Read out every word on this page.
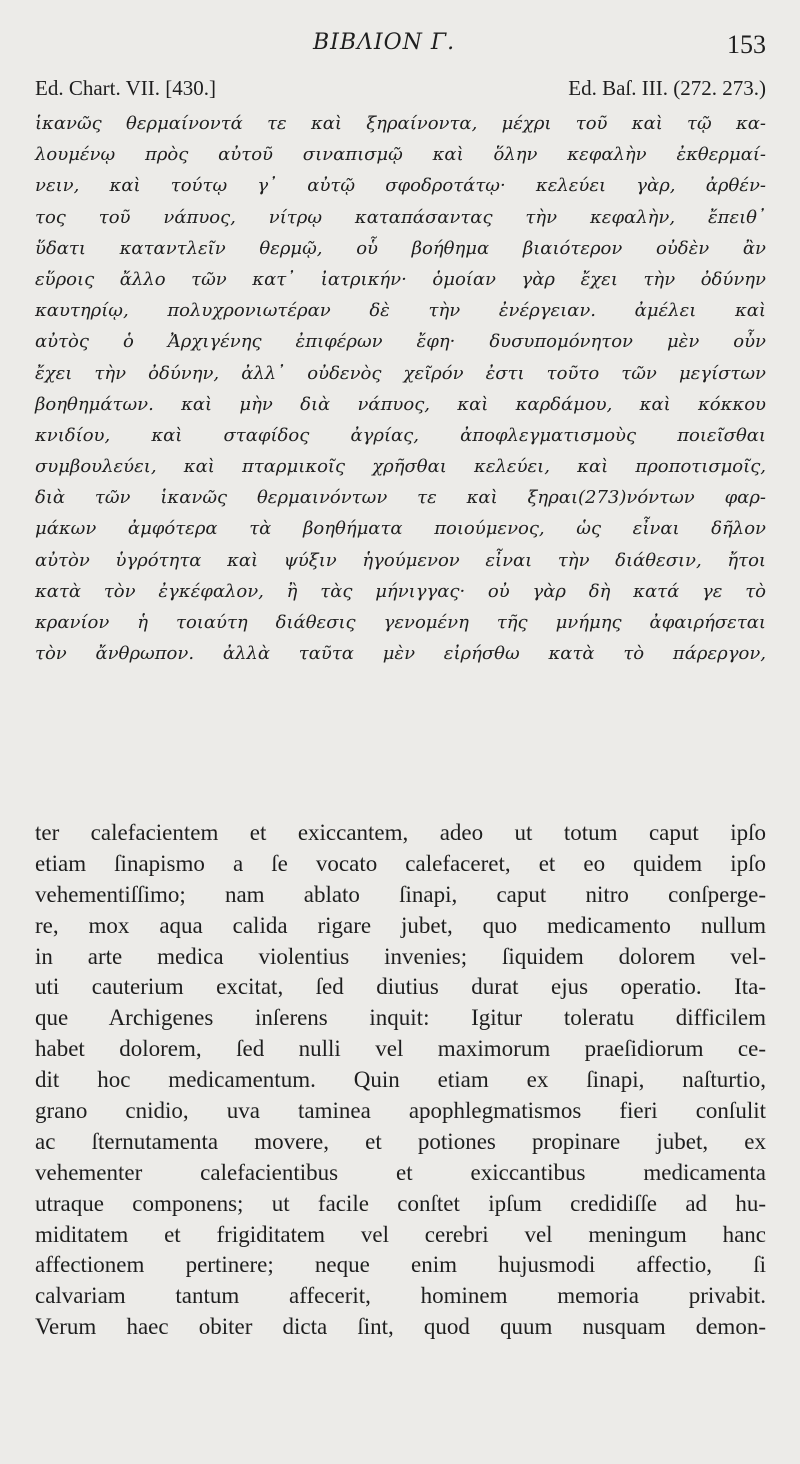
ΒΙΒΛΙΟΝ Γ.	153
Ed. Chart. VII. [430.]	Ed. Baſ. III. (272. 273.)
ἱκανῶς θερμαίνοντά τε καὶ ξηραίνοντα, μέχρι τοῦ καὶ τῷ κα-
λουμένῳ πρὸς αὐτοῦ σιναπισμῷ καὶ ὅλην κεφαλὴν ἐκθερμαί-
νειν, καὶ τούτῳ γ᾽ αὐτῷ σφοδροτάτῳ· κελεύει γὰρ, ἀρθέν-
τος τοῦ νάπυος, νίτρῳ καταπάσαντας τὴν κεφαλὴν, ἔπειθ᾽
ὕδατι καταντλεῖν θερμῷ, οὗ βοήθημα βιαιότερον οὐδὲν ἂν
εὕροις ἄλλο τῶν κατ᾽ ἰατρικήν· ὁμοίαν γὰρ ἔχει τὴν ὀδύνην
καυτηρίῳ, πολυχρονιωτέραν δὲ τὴν ἐνέργειαν. ἀμέλει καὶ
αὐτὸς ὁ Ἀρχιγένης ἐπιφέρων ἔφη· δυσυπομόνητον μὲν οὖν
ἔχει τὴν ὀδύνην, ἀλλ᾽ οὐδενὸς χεῖρόν ἐστι τοῦτο τῶν μεγίστων
βοηθημάτων. καὶ μὴν διὰ νάπυος, καὶ καρδάμου, καὶ κόκκου
κνιδίου, καὶ σταφίδος ἀγρίας, ἀποφλεγματισμοὺς ποιεῖσθαι
συμβουλεύει, καὶ πταρμικοῖς χρῆσθαι κελεύει, καὶ προποτισμοῖς,
διὰ τῶν ἱκανῶς θερμαινόντων τε καὶ ξηραι(273)νόντων φαρ-
μάκων ἀμφότερα τὰ βοηθήματα ποιούμενος, ὡς εἶναι δῆλον
αὐτὸν ὑγρότητα καὶ ψύξιν ἡγούμενον εἶναι τὴν διάθεσιν, ἤτοι
κατὰ τὸν ἐγκέφαλον, ἢ τὰς μήνιγγας· οὐ γὰρ δὴ κατά γε τὸ
κρανίον ἡ τοιαύτη διάθεσις γενομένη τῆς μνήμης ἀφαιρήσεται
τὸν ἄνθρωπον. ἀλλὰ ταῦτα μὲν εἰρήσθω κατὰ τὸ πάρεργον,
ter calefacientem et exiccantem, adeo ut totum caput ipſo
etiam ſinapismo a ſe vocato calefaceret, et eo quidem ipſo
vehementiſſimo; nam ablato ſinapi, caput nitro conſperge-
re, mox aqua calida rigare jubet, quo medicamento nullum
in arte medica violentius invenies; ſiquidem dolorem vel-
uti cauterium excitat, ſed diutius durat ejus operatio. Ita-
que Archigenes inſerens inquit: Igitur toleratu difficilem
habet dolorem, ſed nulli vel maximorum praeſidiorum ce-
dit hoc medicamentum. Quin etiam ex ſinapi, naſturtio,
grano cnidio, uva taminea apophlegmatismos fieri conſulit
ac ſternutamenta movere, et potiones propinare jubet, ex
vehementer calefacientibus et exiccantibus medicamenta
utraque componens; ut facile conſtet ipſum credidiſſe ad hu-
miditatem et frigiditatem vel cerebri vel meningum hanc
affectionem pertinere; neque enim hujusmodi affectio, ſi
calvariam tantum affecerit, hominem memoria privabit.
Verum haec obiter dicta ſint, quod quum nusquam demon-
